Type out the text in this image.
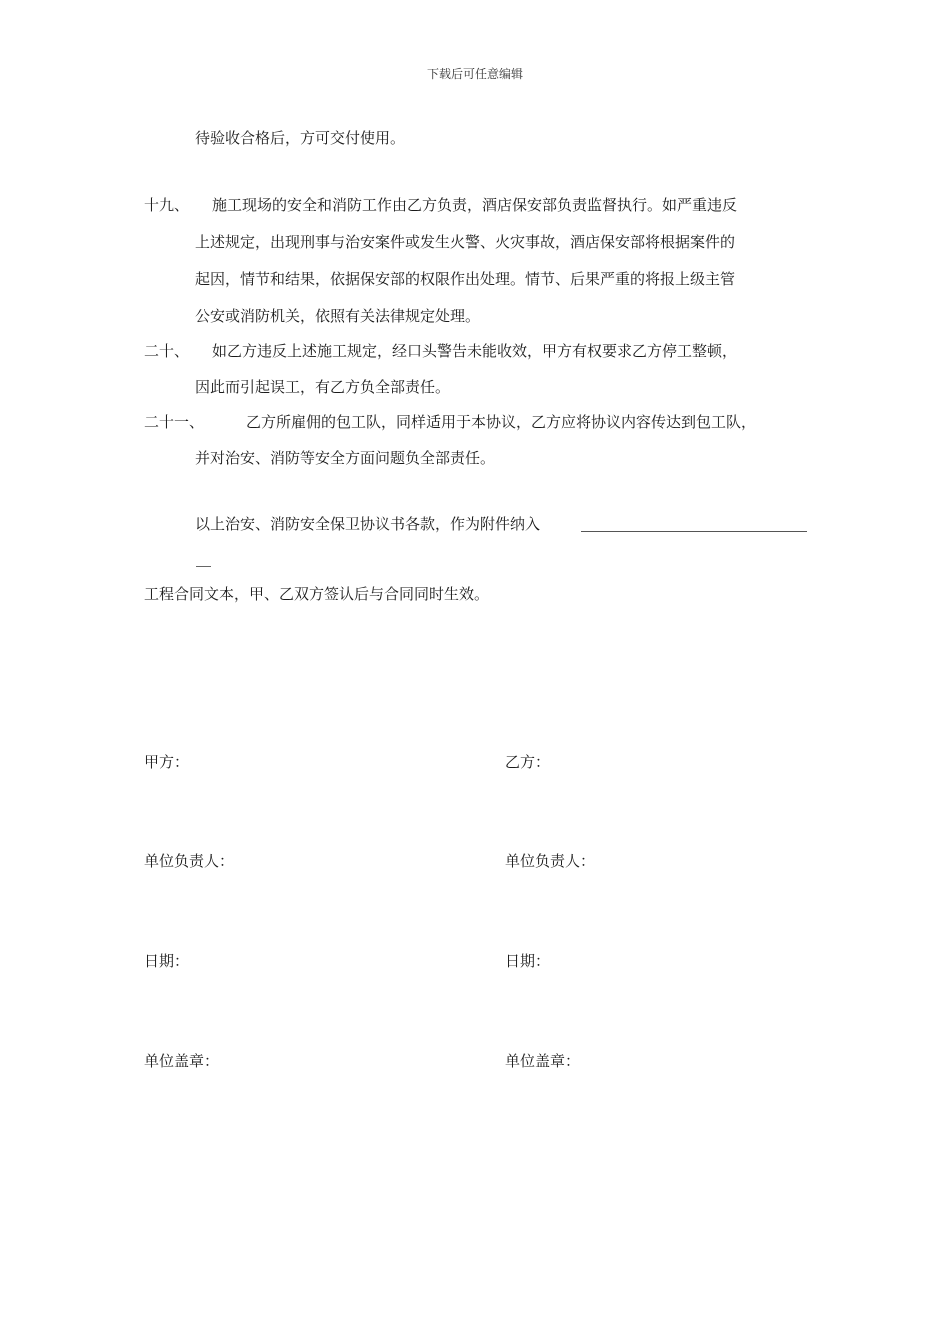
下载后可任意编辑
待验收合格后，方可交付使用。
十九、 施工现场的安全和消防工作由乙方负责，酒店保安部负责监督执行。如严重违反
上述规定，出现刑事与治安案件或发生火警、火灾事故，酒店保安部将根据案件的
起因，情节和结果，依据保安部的权限作出处理。情节、后果严重的将报上级主管
公安或消防机关，依照有关法律规定处理。
二十、 如乙方违反上述施工规定，经口头警告未能收效，甲方有权要求乙方停工整顿，
因此而引起误工，有乙方负全部责任。
二十一、	乙方所雇佣的包工队，同样适用于本协议，乙方应将协议内容传达到包工队，
并对治安、消防等安全方面问题负全部责任。
以上治安、消防安全保卫协议书各款，作为附件纳入
工程合同文本，甲、乙双方签认后与合同同时生效。
甲方：	乙方：
单位负责人：	单位负责人：
日期：	日期：
单位盖章：	单位盖章：
